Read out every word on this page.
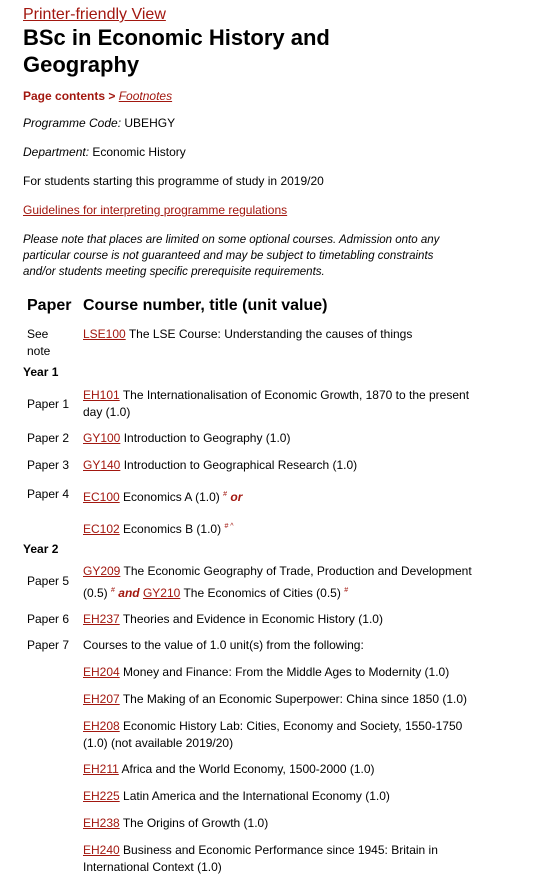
Printer-friendly View
BSc in Economic History and Geography
Page contents > Footnotes
Programme Code: UBEHGY
Department: Economic History
For students starting this programme of study in 2019/20
Guidelines for interpreting programme regulations
Please note that places are limited on some optional courses. Admission onto any particular course is not guaranteed and may be subject to timetabling constraints and/or students meeting specific prerequisite requirements.
Paper Course number, title (unit value)
See note
LSE100 The LSE Course: Understanding the causes of things
Year 1
Paper 1
EH101 The Internationalisation of Economic Growth, 1870 to the present day (1.0)
Paper 2 GY100 Introduction to Geography (1.0)
Paper 3 GY140 Introduction to Geographical Research (1.0)
Paper 4 EC100 Economics A (1.0) # or
EC102 Economics B (1.0) # ^
Year 2
Paper 5
GY209 The Economic Geography of Trade, Production and Development (0.5) # and GY210 The Economics of Cities (0.5) #
Paper 6 EH237 Theories and Evidence in Economic History (1.0)
Paper 7 Courses to the value of 1.0 unit(s) from the following:
EH204 Money and Finance: From the Middle Ages to Modernity (1.0)
EH207 The Making of an Economic Superpower: China since 1850 (1.0)
EH208 Economic History Lab: Cities, Economy and Society, 1550-1750 (1.0) (not available 2019/20)
EH211 Africa and the World Economy, 1500-2000 (1.0)
EH225 Latin America and the International Economy (1.0)
EH238 The Origins of Growth (1.0)
EH240 Business and Economic Performance since 1945: Britain in International Context (1.0)
